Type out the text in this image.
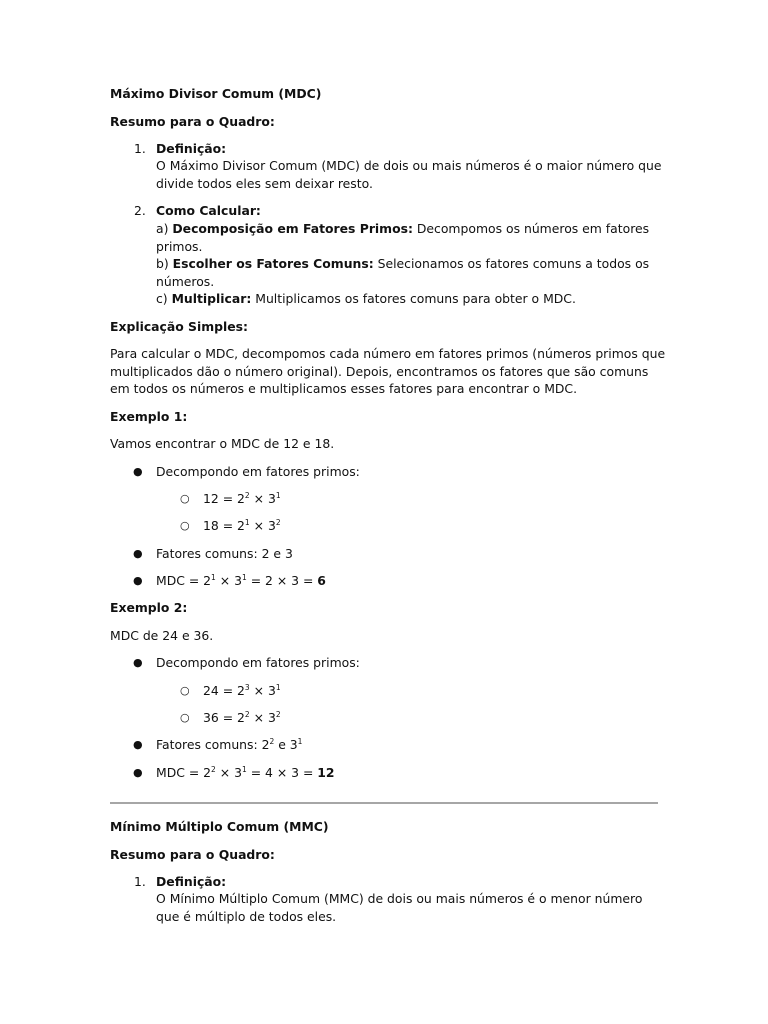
Máximo Divisor Comum (MDC)
Resumo para o Quadro:
1. Definição:
O Máximo Divisor Comum (MDC) de dois ou mais números é o maior número que
divide todos eles sem deixar resto.
2. Como Calcular:
a) Decomposição em Fatores Primos: Decompomos os números em fatores
primos.
b) Escolher os Fatores Comuns: Selecionamos os fatores comuns a todos os
números.
c) Multiplicar: Multiplicamos os fatores comuns para obter o MDC.
Explicação Simples:
Para calcular o MDC, decompomos cada número em fatores primos (números primos que
multiplicados dão o número original). Depois, encontramos os fatores que são comuns
em todos os números e multiplicamos esses fatores para encontrar o MDC.
Exemplo 1:
Vamos encontrar o MDC de 12 e 18.
● Decompondo em fatores primos:
○ $12 = 2^2 \times 3^1$
○ $18 = 2^1 \times 3^2$
● Fatores comuns: 2 e 3
● MDC = $2^1 \times 3^1 = 2 \times 3 = 6$
Exemplo 2:
MDC de 24 e 36.
● Decompondo em fatores primos:
○ $24 = 2^3 \times 3^1$
○ $36 = 2^2 \times 3^2$
● Fatores comuns: $2^2$ e $3^1$
● MDC = $2^2 \times 3^1 = 4 \times 3 = 12$
Mínimo Múltiplo Comum (MMC)
Resumo para o Quadro:
1. Definição:
O Mínimo Múltiplo Comum (MMC) de dois ou mais números é o menor número
que é múltiplo de todos eles.
